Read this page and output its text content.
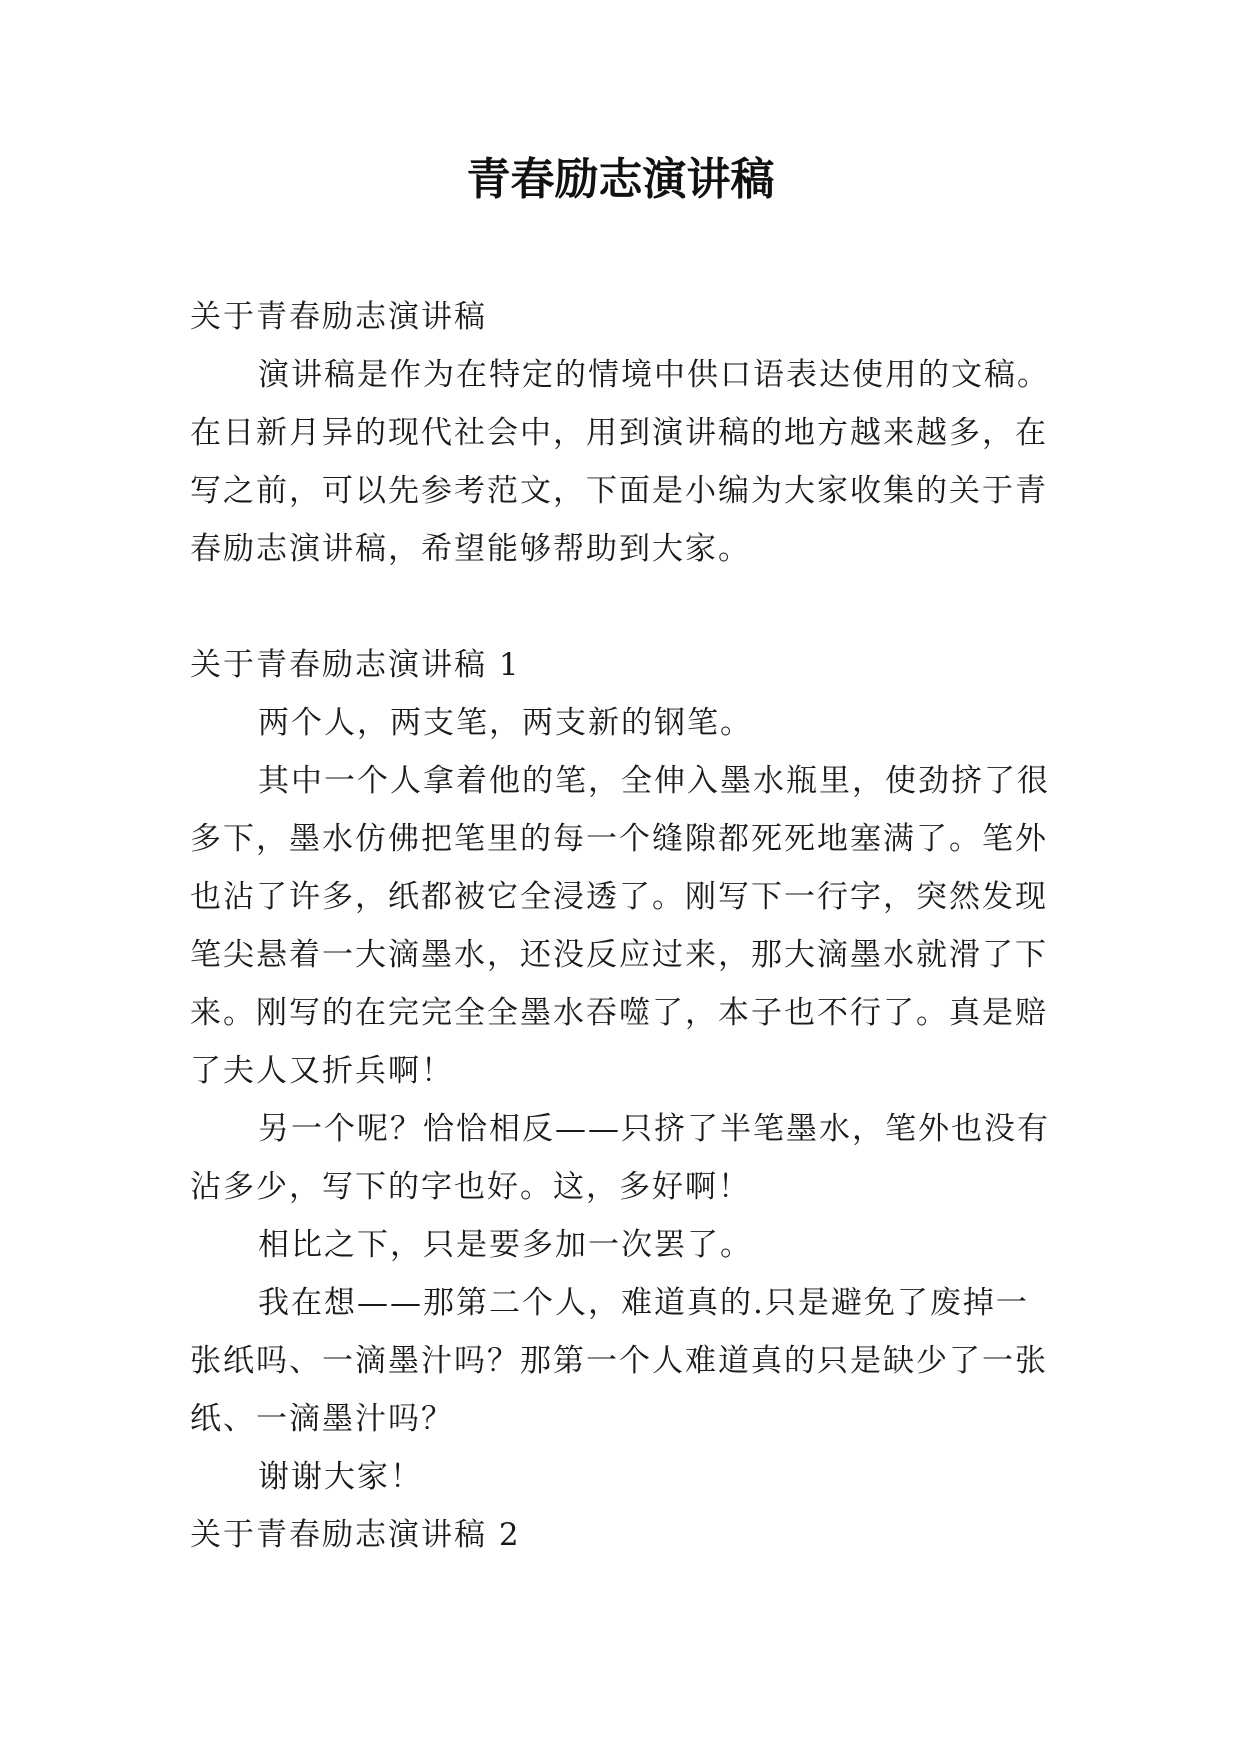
青春励志演讲稿
关于青春励志演讲稿
演讲稿是作为在特定的情境中供口语表达使用的文稿。
在日新月异的现代社会中，用到演讲稿的地方越来越多，在
写之前，可以先参考范文，下面是小编为大家收集的关于青
春励志演讲稿，希望能够帮助到大家。
关于青春励志演讲稿 1
两个人，两支笔，两支新的钢笔。
其中一个人拿着他的笔，全伸入墨水瓶里，使劲挤了很
多下，墨水仿佛把笔里的每一个缝隙都死死地塞满了。笔外
也沾了许多，纸都被它全浸透了。刚写下一行字，突然发现
笔尖悬着一大滴墨水，还没反应过来，那大滴墨水就滑了下
来。刚写的在完完全全墨水吞噬了，本子也不行了。真是赔
了夫人又折兵啊！
另一个呢？恰恰相反——只挤了半笔墨水，笔外也没有
沾多少，写下的字也好。这，多好啊！
相比之下，只是要多加一次罢了。
我在想——那第二个人，难道真的.只是避免了废掉一
张纸吗、一滴墨汁吗？那第一个人难道真的只是缺少了一张
纸、一滴墨汁吗？
谢谢大家！
关于青春励志演讲稿 2
